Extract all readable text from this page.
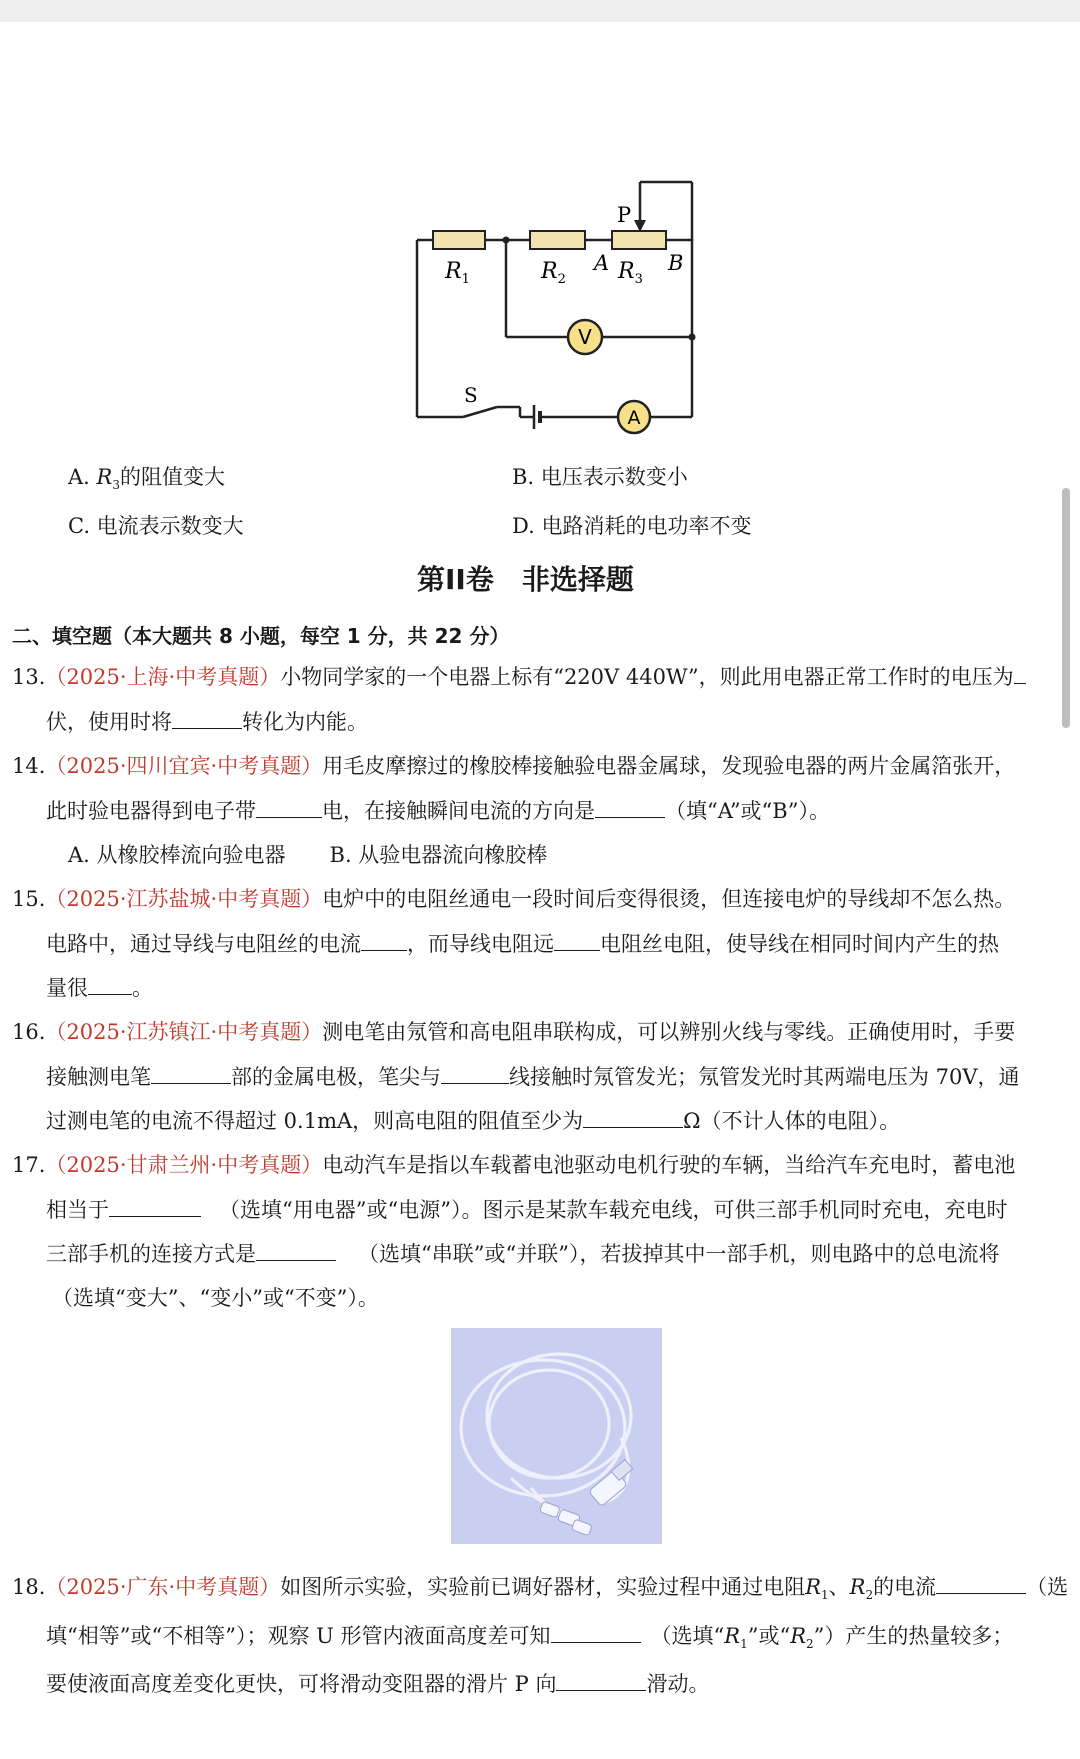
V
A
$R_1$	$R_2$ $R_3$
A	B
P
S
A. $R_3$的阻值变大	B. 电压表示数变小
C. 电流表示数变大	D. 电路消耗的电功率不变
第II卷　非选择题
二、填空题（本大题共 8 小题，每空 1 分，共 22 分）
13.（2025·上海·中考真题）小物同学家的一个电器上标有“220V 440W”，则此用电器正常工作时的电压为
伏，使用时将	转化为内能。
14.（2025·四川宜宾·中考真题）用毛皮摩擦过的橡胶棒接触验电器金属球，发现验电器的两片金属箔张开，
此时验电器得到电子带	电，在接触瞬间电流的方向是	（填“A”或“B”）。
A. 从橡胶棒流向验电器 B. 从验电器流向橡胶棒
15.（2025·江苏盐城·中考真题）电炉中的电阻丝通电一段时间后变得很烫，但连接电炉的导线却不怎么热。
电路中，通过导线与电阻丝的电流 ，而导线电阻远 电阻丝电阻，使导线在相同时间内产生的热
量很 。
16.（2025·江苏镇江·中考真题）测电笔由氖管和高电阻串联构成，可以辨别火线与零线。正确使用时，手要
接触测电笔	部的金属电极，笔尖与	线接触时氖管发光；氖管发光时其两端电压为 70V，通
过测电笔的电流不得超过 0.1mA，则高电阻的阻值至少为	Ω（不计人体的电阻）。
17.（2025·甘肃兰州·中考真题）电动汽车是指以车载蓄电池驱动电机行驶的车辆，当给汽车充电时，蓄电池
相当于	（选填“用电器”或“电源”）。图示是某款车载充电线，可供三部手机同时充电，充电时
三部手机的连接方式是	（选填“串联”或“并联”），若拔掉其中一部手机，则电路中的总电流将
（选填“变大”、“变小”或“不变”）。
18.（2025·广东·中考真题）如图所示实验，实验前已调好器材，实验过程中通过电阻$R_1$、$R_2$的电流	（选
填“相等”或“不相等”）；观察 U 形管内液面高度差可知	（选填“$R_1$”或“$R_2$”）产生的热量较多；
要使液面高度差变化更快，可将滑动变阻器的滑片 P 向	滑动。
